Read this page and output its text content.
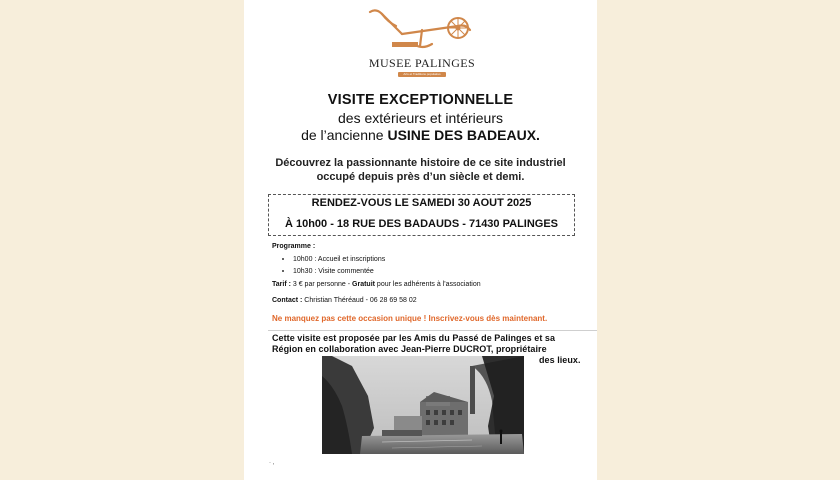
MUSEE PALINGES
Arts et Traditions populaires
VISITE EXCEPTIONNELLE
des extérieurs et intérieurs
de l’ancienne USINE DES BADEAUX.
Découvrez la passionnante histoire de ce site industriel
occupé depuis près d’un siècle et demi.
RENDEZ-VOUS LE SAMEDI 30 AOUT 2025
À 10h00 - 18 RUE DES BADAUDS - 71430 PALINGES
Programme :
10h00 : Accueil et inscriptions
10h30 : Visite commentée
Tarif : 3 € par personne - Gratuit pour les adhérents à l'association
Contact : Christian Théréaud - 06 28 69 58 02
Ne manquez pas cette occasion unique ! Inscrivez-vous dès maintenant.
Cette visite est proposée par les Amis du Passé de Palinges et sa
Région en collaboration avec Jean-Pierre DUCROT, propriétaire
des lieux.
· ,
